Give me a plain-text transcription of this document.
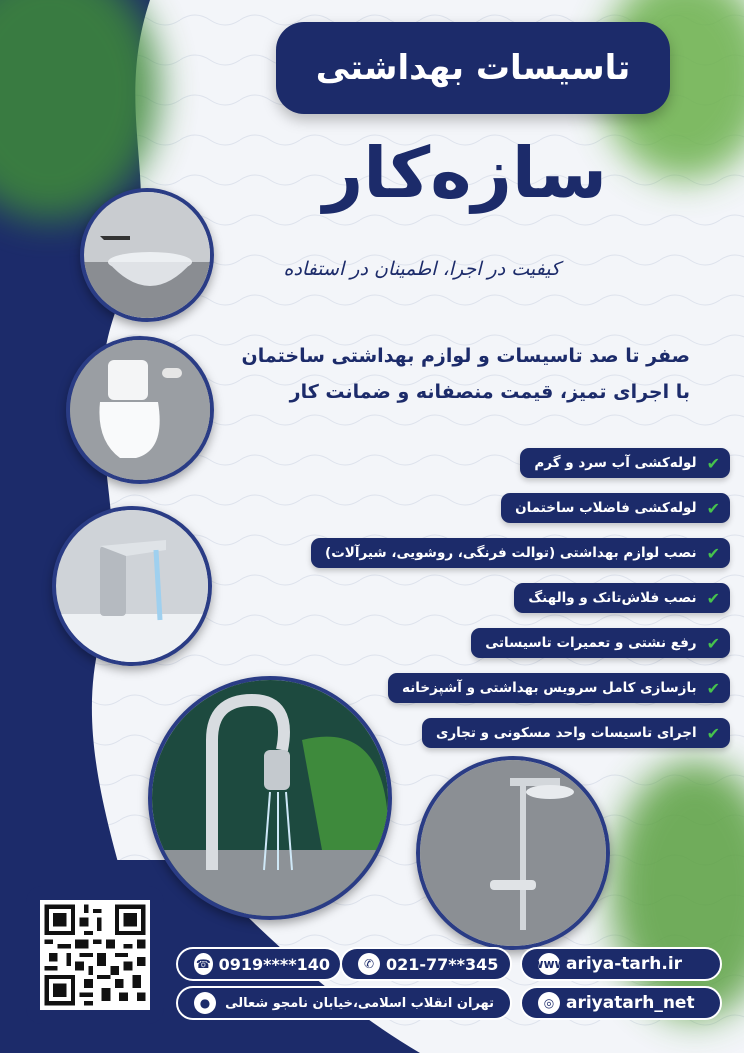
تاسیسات بهداشتی
سازه‌کار
کیفیت در اجرا، اطمینان در استفاده
صفر تا صد تاسیسات و لوازم بهداشتی ساختمان
با اجرای تمیز، قیمت منصفانه و ضمانت کار
✔
لوله‌کشی آب سرد و گرم
✔
لوله‌کشی فاضلاب ساختمان
✔
نصب لوازم بهداشتی (توالت فرنگی، روشویی، شیرآلات)
✔
نصب فلاش‌تانک و والهنگ
✔
رفع نشتی و تعمیرات تاسیساتی
✔
بازسازی کامل سرویس بهداشتی و آشپزخانه
✔
اجرای تاسیسات واحد مسکونی و تجاری
☎ 0919****140	✆ 021-77**345
تهران انقلاب اسلامی،خیابان نامجو شعالی
●
www ariya-tarh.ir
◎ ariyatarh_net
